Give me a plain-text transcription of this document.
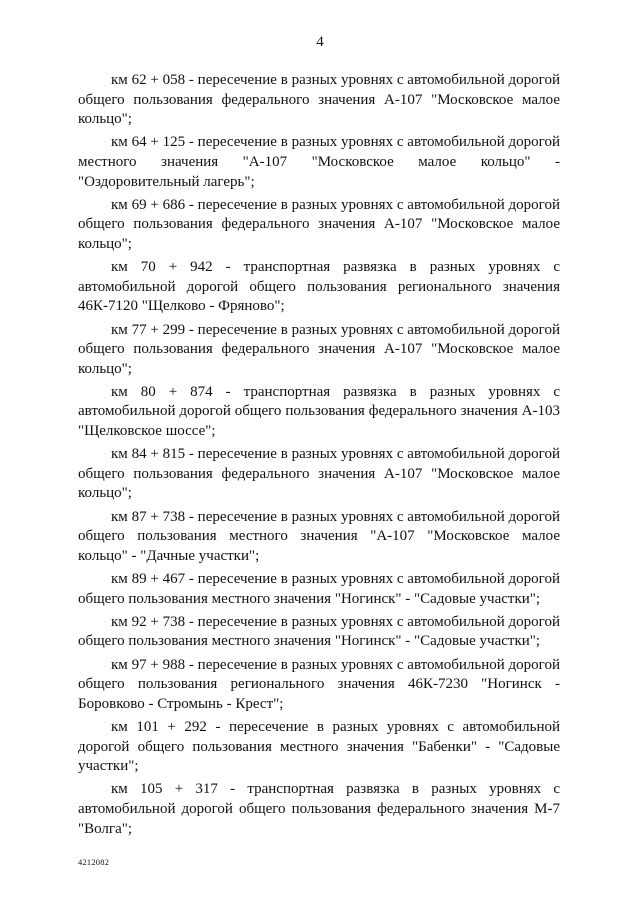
4

км 62 + 058 - пересечение в разных уровнях с автомобильной дорогой общего пользования федерального значения А-107 "Московское малое кольцо";

км 64 + 125 - пересечение в разных уровнях с автомобильной дорогой местного значения "А-107 "Московское малое кольцо" - "Оздоровительный лагерь";

км 69 + 686 - пересечение в разных уровнях с автомобильной дорогой общего пользования федерального значения А-107 "Московское малое кольцо";

км 70 + 942 - транспортная развязка в разных уровнях с автомобильной дорогой общего пользования регионального значения 46К-7120 "Щелково - Фряново";

км 77 + 299 - пересечение в разных уровнях с автомобильной дорогой общего пользования федерального значения А-107 "Московское малое кольцо";

км 80 + 874 - транспортная развязка в разных уровнях с автомобильной дорогой общего пользования федерального значения А-103 "Щелковское шоссе";

км 84 + 815 - пересечение в разных уровнях с автомобильной дорогой общего пользования федерального значения А-107 "Московское малое кольцо";

км 87 + 738 - пересечение в разных уровнях с автомобильной дорогой общего пользования местного значения "А-107 "Московское малое кольцо" - "Дачные участки";

км 89 + 467 - пересечение в разных уровнях с автомобильной дорогой общего пользования местного значения "Ногинск" - "Садовые участки";

км 92 + 738 - пересечение в разных уровнях с автомобильной дорогой общего пользования местного значения "Ногинск" - "Садовые участки";

км 97 + 988 - пересечение в разных уровнях с автомобильной дорогой общего пользования регионального значения 46К-7230 "Ногинск - Боровково - Стромынь - Крест";

км 101 + 292 - пересечение в разных уровнях с автомобильной дорогой общего пользования местного значения "Бабенки" - "Садовые участки";

км 105 + 317 - транспортная развязка в разных уровнях с автомобильной дорогой общего пользования федерального значения М-7 "Волга";

4212082
